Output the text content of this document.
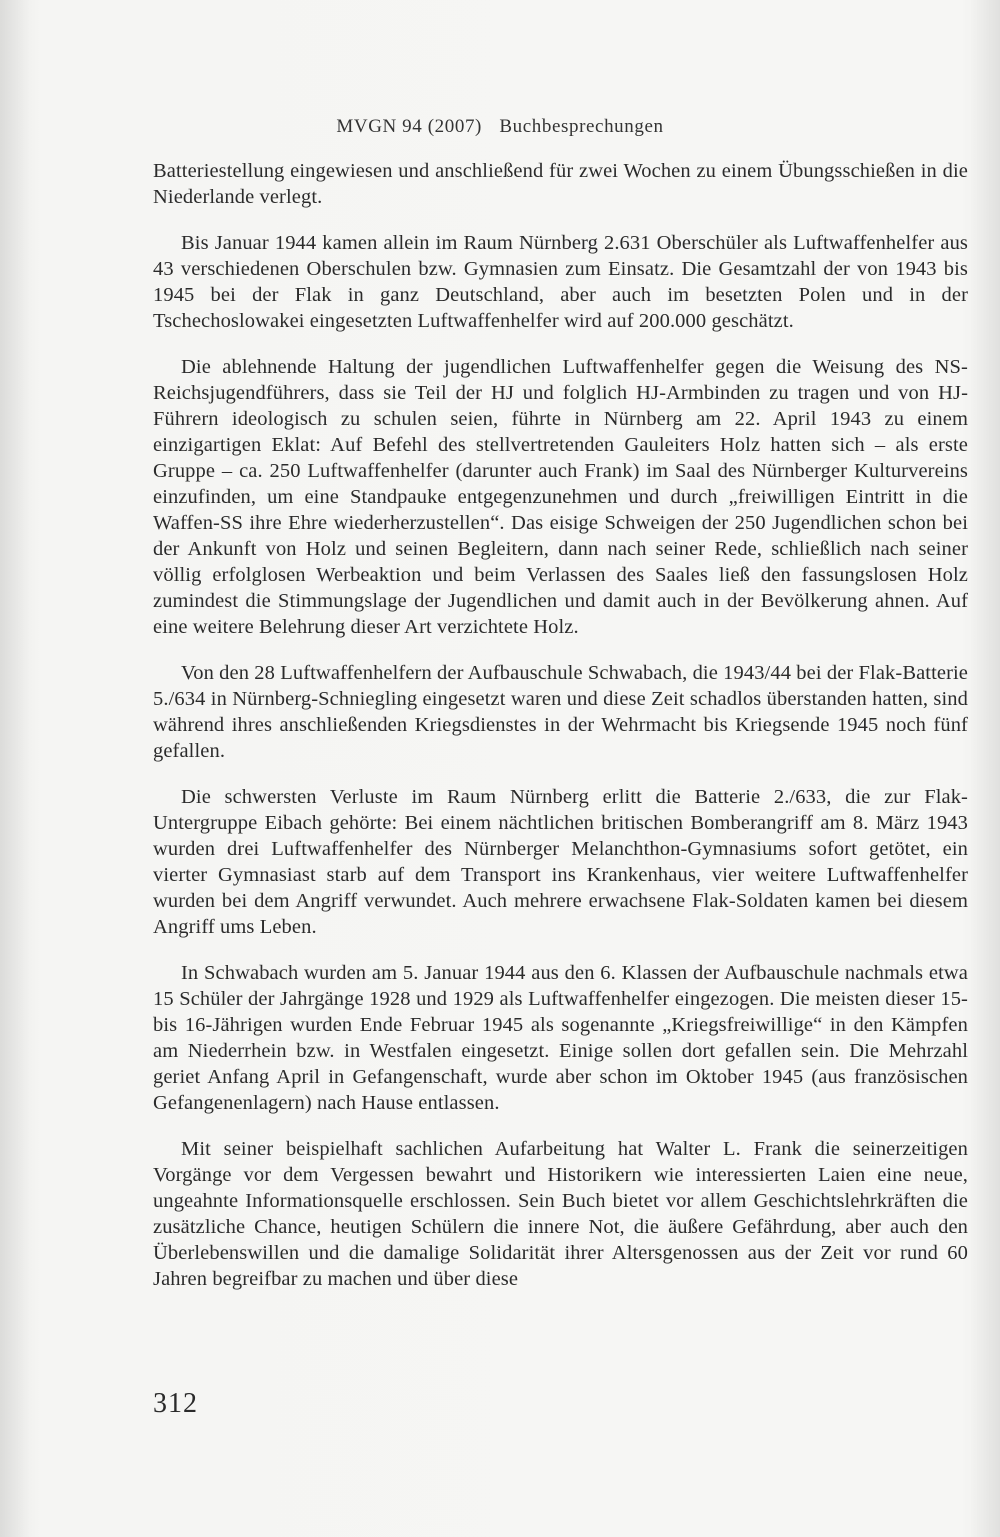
MVGN 94 (2007) Buchbesprechungen

Batteriestellung eingewiesen und anschließend für zwei Wochen zu einem Übungsschießen in die Niederlande verlegt.

Bis Januar 1944 kamen allein im Raum Nürnberg 2.631 Oberschüler als Luftwaffenhelfer aus 43 verschiedenen Oberschulen bzw. Gymnasien zum Einsatz. Die Gesamtzahl der von 1943 bis 1945 bei der Flak in ganz Deutschland, aber auch im besetzten Polen und in der Tschechoslowakei eingesetzten Luftwaffenhelfer wird auf 200.000 geschätzt.

Die ablehnende Haltung der jugendlichen Luftwaffenhelfer gegen die Weisung des NS-Reichsjugendführers, dass sie Teil der HJ und folglich HJ-Armbinden zu tragen und von HJ-Führern ideologisch zu schulen seien, führte in Nürnberg am 22. April 1943 zu einem einzigartigen Eklat: Auf Befehl des stellvertretenden Gauleiters Holz hatten sich – als erste Gruppe – ca. 250 Luftwaffenhelfer (darunter auch Frank) im Saal des Nürnberger Kulturvereins einzufinden, um eine Standpauke entgegenzunehmen und durch „freiwilligen Eintritt in die Waffen-SS ihre Ehre wiederherzustellen“. Das eisige Schweigen der 250 Jugendlichen schon bei der Ankunft von Holz und seinen Begleitern, dann nach seiner Rede, schließlich nach seiner völlig erfolglosen Werbeaktion und beim Verlassen des Saales ließ den fassungslosen Holz zumindest die Stimmungslage der Jugendlichen und damit auch in der Bevölkerung ahnen. Auf eine weitere Belehrung dieser Art verzichtete Holz.

Von den 28 Luftwaffenhelfern der Aufbauschule Schwabach, die 1943/44 bei der Flak-Batterie 5./634 in Nürnberg-Schniegling eingesetzt waren und diese Zeit schadlos überstanden hatten, sind während ihres anschließenden Kriegsdienstes in der Wehrmacht bis Kriegsende 1945 noch fünf gefallen.

Die schwersten Verluste im Raum Nürnberg erlitt die Batterie 2./633, die zur Flak-Untergruppe Eibach gehörte: Bei einem nächtlichen britischen Bomberangriff am 8. März 1943 wurden drei Luftwaffenhelfer des Nürnberger Melanchthon-Gymnasiums sofort getötet, ein vierter Gymnasiast starb auf dem Transport ins Krankenhaus, vier weitere Luftwaffenhelfer wurden bei dem Angriff verwundet. Auch mehrere erwachsene Flak-Soldaten kamen bei diesem Angriff ums Leben.

In Schwabach wurden am 5. Januar 1944 aus den 6. Klassen der Aufbauschule nachmals etwa 15 Schüler der Jahrgänge 1928 und 1929 als Luftwaffenhelfer eingezogen. Die meisten dieser 15- bis 16-Jährigen wurden Ende Februar 1945 als sogenannte „Kriegsfreiwillige“ in den Kämpfen am Niederrhein bzw. in Westfalen eingesetzt. Einige sollen dort gefallen sein. Die Mehrzahl geriet Anfang April in Gefangenschaft, wurde aber schon im Oktober 1945 (aus französischen Gefangenenlagern) nach Hause entlassen.

Mit seiner beispielhaft sachlichen Aufarbeitung hat Walter L. Frank die seinerzeitigen Vorgänge vor dem Vergessen bewahrt und Historikern wie interessierten Laien eine neue, ungeahnte Informationsquelle erschlossen. Sein Buch bietet vor allem Geschichtslehrkräften die zusätzliche Chance, heutigen Schülern die innere Not, die äußere Gefährdung, aber auch den Überlebenswillen und die damalige Solidarität ihrer Altersgenossen aus der Zeit vor rund 60 Jahren begreifbar zu machen und über diese

312
